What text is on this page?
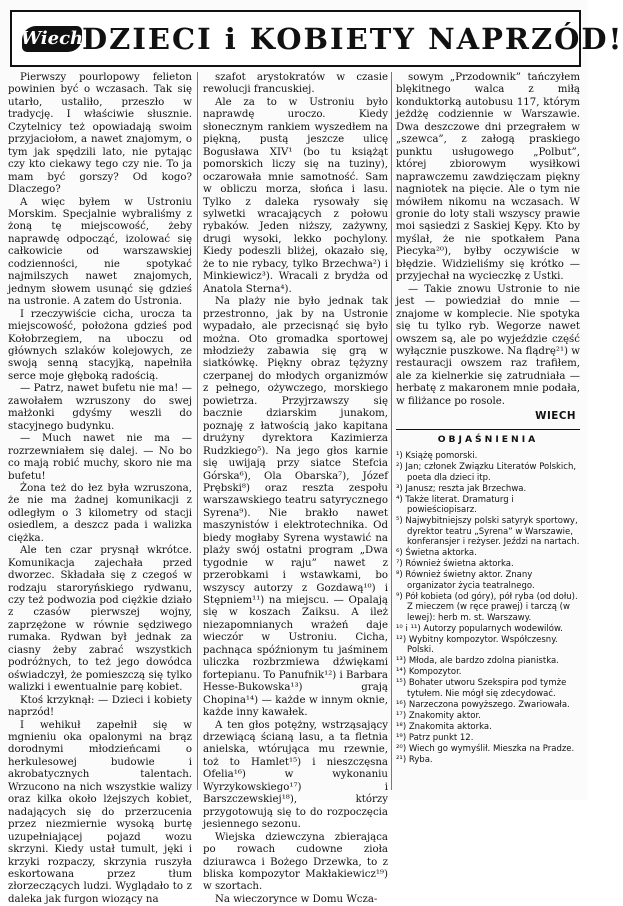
Wiech
DZIECI i KOBIETY NAPRZÓD!

Pierwszy pourlopowy felieton powinien być o wczasach. Tak się utarło, ustaliło, przeszło w tradycję. I właściwie słusznie. Czytelnicy też opowiadają swoim przyjaciołom, a nawet znajomym, o tym jak spędzili lato, nie pytając czy kto ciekawy tego czy nie. To ja mam być gorszy? Od kogo? Dlaczego?

A więc byłem w Ustroniu Morskim. Specjalnie wybraliśmy z żoną tę miejscowość, żeby naprawdę odpocząć, izolować się całkowicie od warszawskiej codzienności, nie spotykać najmilszych nawet znajomych, jednym słowem usunąć się gdzieś na ustronie. A zatem do Ustronia.

I rzeczywiście cicha, urocza ta miejscowość, położona gdzieś pod Kołobrzegiem, na uboczu od głównych szlaków kolejowych, ze swoją senną stacyjką, napełniła serce moje głęboką radością.

— Patrz, nawet bufetu nie ma! — zawołałem wzruszony do swej małżonki gdyśmy weszli do stacyjnego budynku.

— Much nawet nie ma — rozrzewniałem się dalej. — No bo co mają robić muchy, skoro nie ma bufetu!

Żona też do łez była wzruszona, że nie ma żadnej komunikacji z odległym o 3 kilometry od stacji osiedlem, a deszcz pada i walizka ciężka.

Ale ten czar prysnął wkrótce. Komunikacja zajechała przed dworzec. Składała się z czegoś w rodzaju staroryńskiego rydwanu, czy też podwozia pod ciężkie działo z czasów pierwszej wojny, zaprzężone w równie sędziwego rumaka. Rydwan był jednak za ciasny żeby zabrać wszystkich podróżnych, to też jego dowódca oświadczył, że pomieszczą się tylko walizki i ewentualnie parę kobiet.

Ktoś krzyknął: — Dzieci i kobiety naprzód!

I wehikuł zapełnił się w mgnieniu oka opalonymi na brąz dorodnymi młodzieńcami o herkulesowej budowie i akrobatycznych talentach. Wrzucono na nich wszystkie walizy oraz kilka około lżejszych kobiet, nadających się do przerzucenia przez niezmiernie wysoką burtę uzupełniającej pojazd wozu skrzyni. Kiedy ustał tumult, jęki i krzyki rozpaczy, skrzynia ruszyła eskortowana przez tłum złorzeczących ludzi. Wyglądało to z daleka jak furgon wiozący na

szafot arystokratów w czasie rewolucji francuskiej.

Ale za to w Ustroniu było naprawdę uroczo. Kiedy słonecznym rankiem wyszedłem na piękną, pustą jeszcze ulicę Bogusława XIV¹ (bo tu książąt pomorskich liczy się na tuziny), oczarowała mnie samotność. Sam w obliczu morza, słońca i lasu. Tylko z daleka rysowały się sylwetki wracających z połowu rybaków. Jeden niższy, zażywny, drugi wysoki, lekko pochylony. Kiedy podeszli bliżej, okazało się, że to nie rybacy, tylko Brzechwa²) i Minkiewicz³). Wracali z brydża od Anatola Sterna⁴).

Na plaży nie było jednak tak przestronno, jak by na Ustronie wypadało, ale przecisnąć się było można. Oto gromadka sportowej młodzieży zabawia się grą w siatkówkę. Piękny obraz tężyzny czerpanej do młodych organizmów z pełnego, ożywczego, morskiego powietrza. Przyjrzawszy się bacznie dziarskim junakom, poznaję z łatwością jako kapitana drużyny dyrektora Kazimierza Rudzkiego⁵). Na jego głos karnie się uwijają przy siatce Stefcia Górska⁶), Ola Obarska⁷), Józef Prębski⁸) oraz reszta zespołu warszawskiego teatru satyrycznego Syrena⁹). Nie brakło nawet maszynistów i elektrotechnika. Od biedy mogłaby Syrena wystawić na plaży swój ostatni program „Dwa tygodnie w raju” nawet z przerobkami i wstawkami, bo wszyscy autorzy z Gozdawą¹⁰) i Stępniem¹¹) na miejscu. — Opalają się w koszach Zaiksu. A ileż niezapomnianych wrażeń daje wieczór w Ustroniu. Cicha, pachnąca spóźnionym tu jaśminem uliczka rozbrzmiewa dźwiękami fortepianu. To Panufnik¹²) i Barbara Hesse-Bukowska¹³) grają Chopina¹⁴) — każde w innym oknie, każde inny kawałek.

A ten głos potężny, wstrząsający drzewiącą ścianą lasu, a ta fletnia anielska, wtórująca mu rzewnie, toż to Hamlet¹⁵) i nieszczęsna Ofelia¹⁶) w wykonaniu Wyrzykowskiego¹⁷) i Barszczewskiej¹⁸), którzy przygotowują się to do rozpoczęcia jesiennego sezonu.

Wiejska dziewczyna zbierająca po rowach cudowne zioła dziurawca i Bożego Drzewka, to z bliska kompozytor Makłakiewicz¹⁹) w szortach.

Na wieczorynce w Domu Wcza-

sowym „Przodownik” tańczyłem blękitnego walca z miłą konduktorką autobusu 117, którym jeżdżę codziennie w Warszawie. Dwa deszczowe dni przegrałem w „szewca”, z załogą praskiego punktu usługowego „Polbut”, której zbiorowym wysiłkowi naprawczemu zawdzięczam piękny nagniotek na pięcie. Ale o tym nie mówiłem nikomu na wczasach. W gronie do loty stali wszyscy prawie moi sąsiedzi z Saskiej Kępy. Kto by myślał, że nie spotkałem Pana Piecyka²⁰), byłby oczywiście w błędzie. Widzieliśmy się krótko — przyjechał na wycieczkę z Ustki.

— Takie znowu Ustronie to nie jest — powiedział do mnie — znajome w komplecie. Nie spotyka się tu tylko ryb. Wegorze nawet owszem są, ale po wyjeździe część wyłącznie puszkowe. Na flądrę²¹) w restauracji owszem raz trafiłem, ale za kielnerkie się zatrudniała — herbatę z makaronem mnie podała, w filiżance po rosole.

WIECH
OBJAŚNIENIA
¹) Książę pomorski.
²) Jan; członek Związku Literatów Polskich, poeta dla dzieci itp.
³) Janusz; reszta jak Brzechwa.
⁴) Także literat. Dramaturg i powieściopisarz.
⁵) Najwybitniejszy polski satyryk sportowy, dyrektor teatru „Syrena” w Warszawie, konferansjer i reżyser. Jeździ na nartach.
⁶) Świetna aktorka.
⁷) Również świetna aktorka.
⁸) Również świetny aktor. Znany organizator życia teatralnego.
⁹) Pół kobieta (od góry), pół ryba (od dołu). Z mieczem (w ręce prawej) i tarczą (w lewej): herb m. st. Warszawy.
¹⁰ i ¹¹) Autorzy popularnych wodewilów.
¹²) Wybitny kompozytor. Współczesny. Polski.
¹³) Młoda, ale bardzo zdolna pianistka.
¹⁴) Kompozytor.
¹⁵) Bohater utworu Szekspira pod tymże tytułem. Nie mógł się zdecydować.
¹⁶) Narzeczona powyższego. Zwariowała.
¹⁷) Znakomity aktor.
¹⁸) Znakomita aktorka.
¹⁹) Patrz punkt 12.
²⁰) Wiech go wymyślił. Mieszka na Pradze.
²¹) Ryba.
